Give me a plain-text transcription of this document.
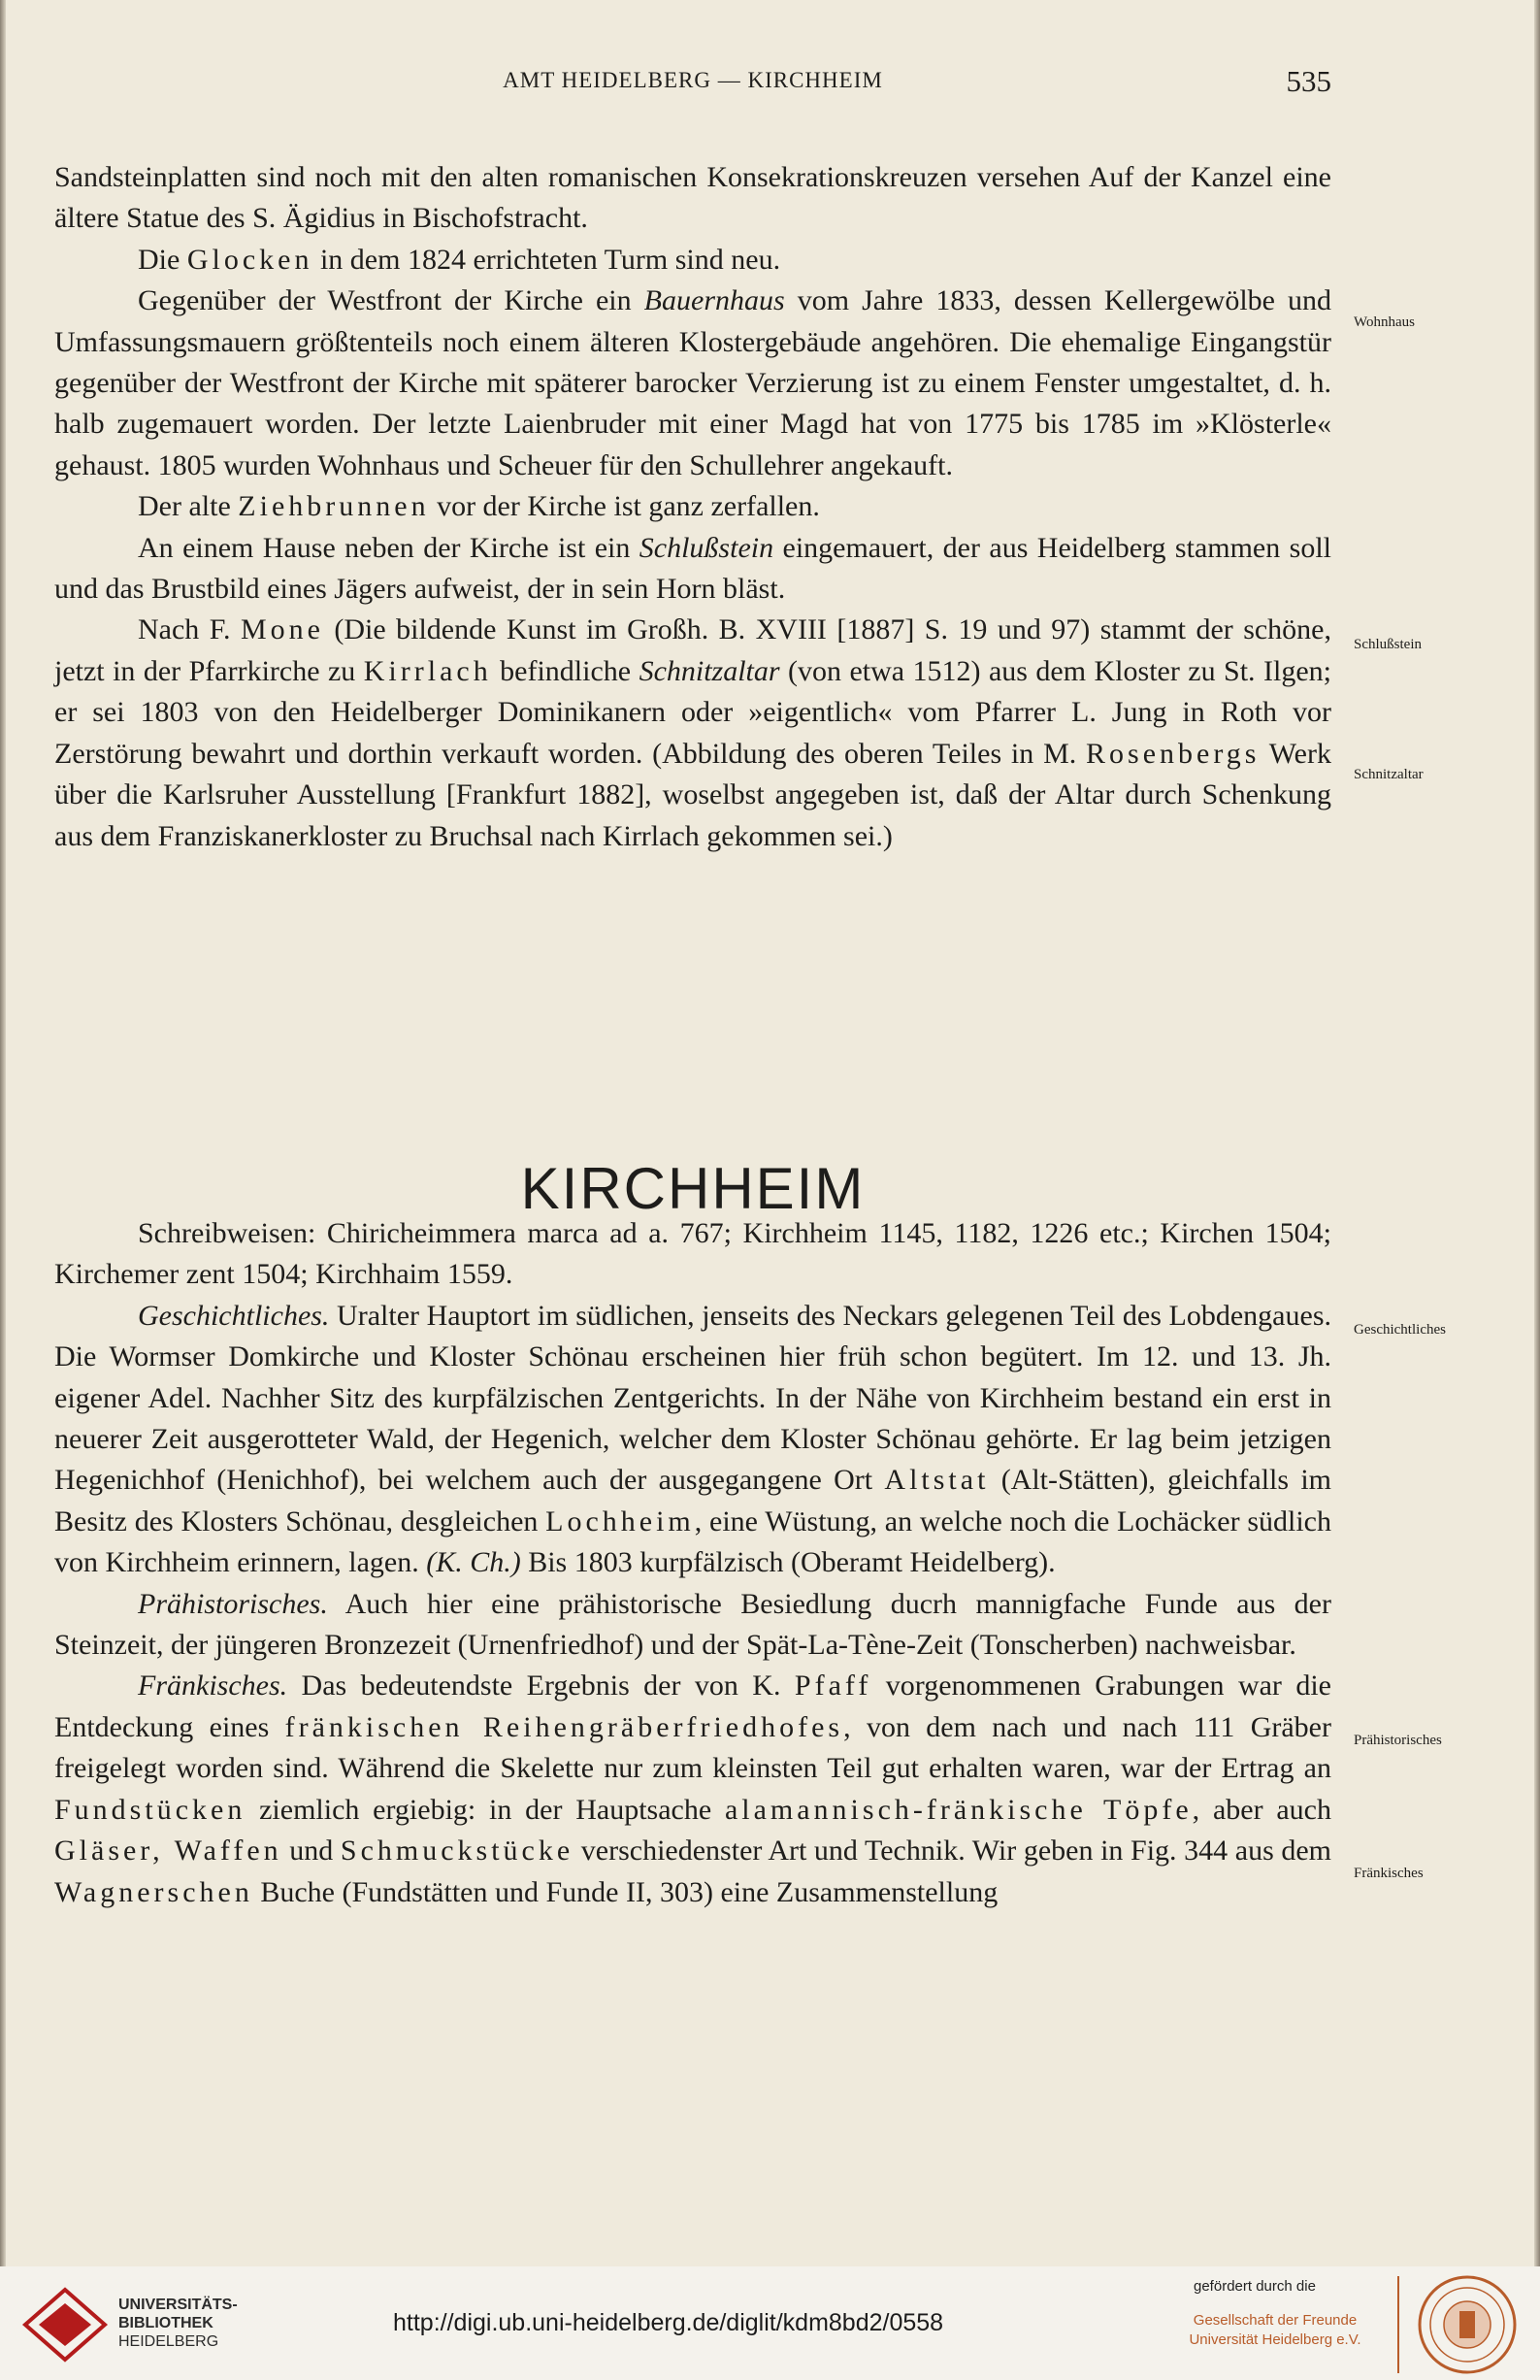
AMT HEIDELBERG — KIRCHHEIM	535

Sandsteinplatten sind noch mit den alten romanischen Konsekrationskreuzen versehen Auf der Kanzel eine ältere Statue des S. Ägidius in Bischofstracht.

Die Glocken in dem 1824 errichteten Turm sind neu.

Gegenüber der Westfront der Kirche ein Bauernhaus vom Jahre 1833, dessen Kellergewölbe und Umfassungsmauern größtenteils noch einem älteren Klostergebäude angehören. Die ehemalige Eingangstür gegenüber der Westfront der Kirche mit späterer barocker Verzierung ist zu einem Fenster umgestaltet, d. h. halb zugemauert worden. Der letzte Laienbruder mit einer Magd hat von 1775 bis 1785 im »Klösterle« gehaust. 1805 wurden Wohnhaus und Scheuer für den Schullehrer angekauft.

Der alte Ziehbrunnen vor der Kirche ist ganz zerfallen.

An einem Hause neben der Kirche ist ein Schlußstein eingemauert, der aus Heidelberg stammen soll und das Brustbild eines Jägers aufweist, der in sein Horn bläst.

Nach F. Mone (Die bildende Kunst im Großh. B. XVIII [1887] S. 19 und 97) stammt der schöne, jetzt in der Pfarrkirche zu Kirrlach befindliche Schnitzaltar (von etwa 1512) aus dem Kloster zu St. Ilgen; er sei 1803 von den Heidelberger Dominikanern oder »eigentlich« vom Pfarrer L. Jung in Roth vor Zerstörung bewahrt und dorthin verkauft worden. (Abbildung des oberen Teiles in M. Rosenbergs Werk über die Karlsruher Ausstellung [Frankfurt 1882], woselbst angegeben ist, daß der Altar durch Schenkung aus dem Franziskanerkloster zu Bruchsal nach Kirrlach gekommen sei.)

KIRCHHEIM

Schreibweisen: Chiricheimmera marca ad a. 767; Kirchheim 1145, 1182, 1226 etc.; Kirchen 1504; Kirchemer zent 1504; Kirchhaim 1559.

Geschichtliches. Uralter Hauptort im südlichen, jenseits des Neckars gelegenen Teil des Lobdengaues. Die Wormser Domkirche und Kloster Schönau erscheinen hier früh schon begütert. Im 12. und 13. Jh. eigener Adel. Nachher Sitz des kurpfälzischen Zentgerichts. In der Nähe von Kirchheim bestand ein erst in neuerer Zeit ausgerotteter Wald, der Hegenich, welcher dem Kloster Schönau gehörte. Er lag beim jetzigen Hegenichhof (Henichhof), bei welchem auch der ausgegangene Ort Altstat (Alt-Stätten), gleichfalls im Besitz des Klosters Schönau, desgleichen Lochheim, eine Wüstung, an welche noch die Lochäcker südlich von Kirchheim erinnern, lagen. (K. Ch.) Bis 1803 kurpfälzisch (Oberamt Heidelberg).

Prähistorisches. Auch hier eine prähistorische Besiedlung ducrh mannigfache Funde aus der Steinzeit, der jüngeren Bronzezeit (Urnenfriedhof) und der Spät-La-Tène-Zeit (Tonscherben) nachweisbar.

Fränkisches. Das bedeutendste Ergebnis der von K. Pfaff vorgenommenen Grabungen war die Entdeckung eines fränkischen Reihengräberfriedhofes, von dem nach und nach 111 Gräber freigelegt worden sind. Während die Skelette nur zum kleinsten Teil gut erhalten waren, war der Ertrag an Fundstücken ziemlich ergiebig: in der Hauptsache alamannisch-fränkische Töpfe, aber auch Gläser, Waffen und Schmuckstücke verschiedenster Art und Technik. Wir geben in Fig. 344 aus dem Wagnerschen Buche (Fundstätten und Funde II, 303) eine Zusammenstellung

Wohnhaus
Schlußstein
Schnitzaltar
Geschichtliches
Prähistorisches
Fränkisches
UNIVERSITÄTS-
BIBLIOTHEK
HEIDELBERG
http://digi.ub.uni-heidelberg.de/diglit/kdm8bd2/0558
gefördert durch die
Gesellschaft der Freunde
Universität Heidelberg e.V.
